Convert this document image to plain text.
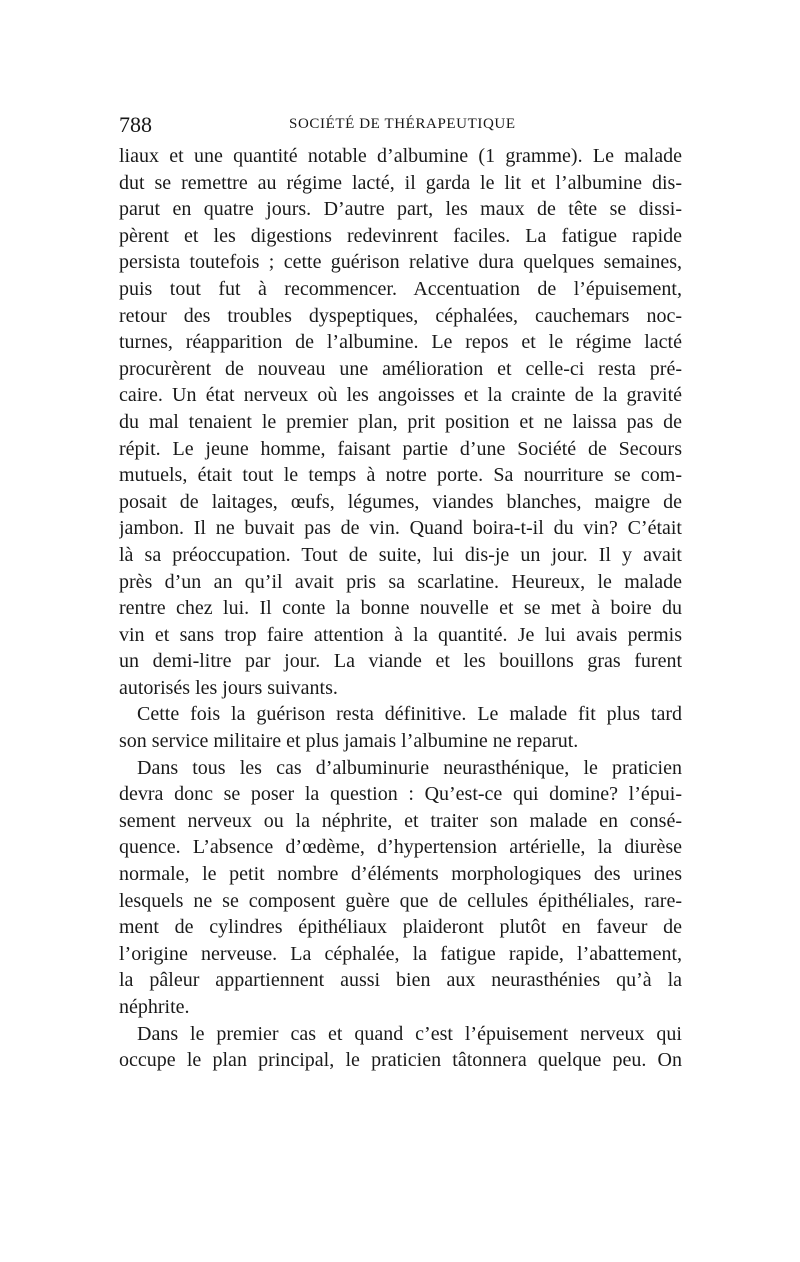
788	SOCIÉTÉ DE THÉRAPEUTIQUE
liaux et une quantité notable d’albumine (1 gramme). Le malade
dut se remettre au régime lacté, il garda le lit et l’albumine dis-
parut en quatre jours. D’autre part, les maux de tête se dissi-
pèrent et les digestions redevinrent faciles. La fatigue rapide
persista toutefois ; cette guérison relative dura quelques semaines,
puis tout fut à recommencer. Accentuation de l’épuisement,
retour des troubles dyspeptiques, céphalées, cauchemars noc-
turnes, réapparition de l’albumine. Le repos et le régime lacté
procurèrent de nouveau une amélioration et celle-ci resta pré-
caire. Un état nerveux où les angoisses et la crainte de la gravité
du mal tenaient le premier plan, prit position et ne laissa pas de
répit. Le jeune homme, faisant partie d’une Société de Secours
mutuels, était tout le temps à notre porte. Sa nourriture se com-
posait de laitages, œufs, légumes, viandes blanches, maigre de
jambon. Il ne buvait pas de vin. Quand boira-t-il du vin? C’était
là sa préoccupation. Tout de suite, lui dis-je un jour. Il y avait
près d’un an qu’il avait pris sa scarlatine. Heureux, le malade
rentre chez lui. Il conte la bonne nouvelle et se met à boire du
vin et sans trop faire attention à la quantité. Je lui avais permis
un demi-litre par jour. La viande et les bouillons gras furent
autorisés les jours suivants.
Cette fois la guérison resta définitive. Le malade fit plus tard
son service militaire et plus jamais l’albumine ne reparut.
Dans tous les cas d’albuminurie neurasthénique, le praticien
devra donc se poser la question : Qu’est-ce qui domine? l’épui-
sement nerveux ou la néphrite, et traiter son malade en consé-
quence. L’absence d’œdème, d’hypertension artérielle, la diurèse
normale, le petit nombre d’éléments morphologiques des urines
lesquels ne se composent guère que de cellules épithéliales, rare-
ment de cylindres épithéliaux plaideront plutôt en faveur de
l’origine nerveuse. La céphalée, la fatigue rapide, l’abattement,
la pâleur appartiennent aussi bien aux neurasthénies qu’à la
néphrite.
Dans le premier cas et quand c’est l’épuisement nerveux qui
occupe le plan principal, le praticien tâtonnera quelque peu. On
